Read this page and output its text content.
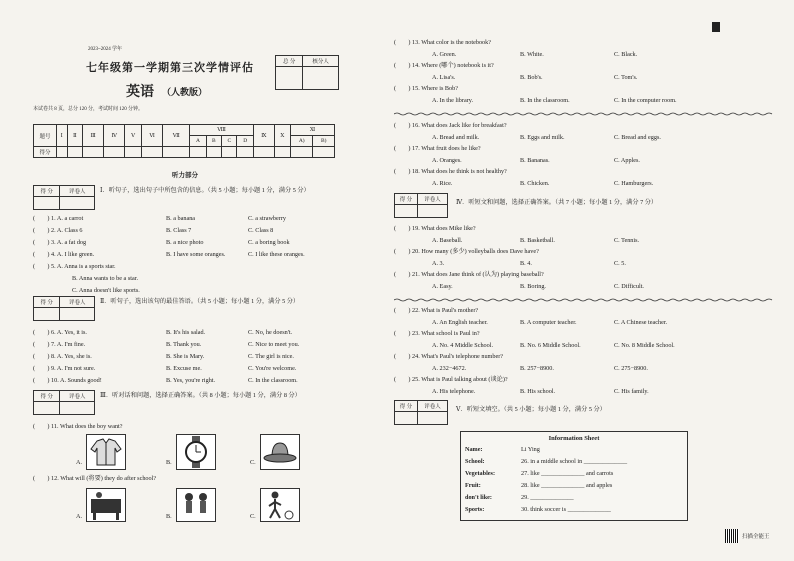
2023~2024 学年
七年级第一学期第三次学情评估
英语 （人教版）
本试卷共 8 页，总分 120 分，考试时间 120 分钟。
总 分	核分人

题号	Ⅰ	Ⅱ	Ⅲ	Ⅳ	Ⅴ	Ⅵ	Ⅶ	Ⅷ				Ⅸ	Ⅹ	Ⅺ	
								A	B	C	D			A)	B)
得分															
听力部分
得 分	评卷人
	Ⅰ．听句子，选出句子中所包含的信息。（共 5 小题；每小题 1 分，满分 5 分）
(　　) 1. A. a carrot	B. a banana	C. a strawberry
(　　) 2. A. Class 6	B. Class 7	C. Class 8
(　　) 3. A. a fat dog	B. a nice photo	C. a boring book
(　　) 4. A. I like green.	B. I have some oranges.	C. I like these oranges.
(　　) 5. A. Anna is a sports star.
B. Anna wants to be a star.
C. Anna doesn't like sports.
得 分	评卷人
	Ⅱ．听句子，选出该句的最佳答语。（共 5 小题；每小题 1 分，满分 5 分）
(　　) 6. A. Yes, it is.	B. It's his salad.	C. No, he doesn't.
(　　) 7. A. I'm fine.	B. Thank you.	C. Nice to meet you.
(　　) 8. A. Yes, she is.	B. She is Mary.	C. The girl is nice.
(　　) 9. A. I'm not sure.	B. Excuse me.	C. You're welcome.
(　　) 10. A. Sounds good!	B. Yes, you're right.	C. In the classroom.
得 分	评卷人
	Ⅲ．听对话和问题，选择正确答案。（共 8 小题；每小题 1 分，满分 8 分）
(　　) 11. What does the boy want?
A.	B.	C.
(　　) 12. What will (将要) they do after school?
A.	B.	C.
(　　) 13. What color is the notebook?
A. Green.	B. White.	C. Black.
(　　) 14. Where (哪个) notebook is it?
A. Lisa's.	B. Bob's.	C. Tom's.
(　　) 15. Where is Bob?
A. In the library.	B. In the classroom.	C. In the computer room.
(　　) 16. What does Jack like for breakfast?
A. Bread and milk.	B. Eggs and milk.	C. Bread and eggs.
(　　) 17. What fruit does he like?
A. Oranges.	B. Bananas.	C. Apples.
(　　) 18. What does he think is not healthy?
A. Rice.	B. Chicken.	C. Hamburgers.
得 分	评卷人
	Ⅳ．听短文和问题，选择正确答案。（共 7 小题；每小题 1 分，满分 7 分）
(　　) 19. What does Mike like?
A. Baseball.	B. Basketball.	C. Tennis.
(　　) 20. How many (多少) volleyballs does Dave have?
A. 3.	B. 4.	C. 5.
(　　) 21. What does Jane think of (认为) playing baseball?
A. Easy.	B. Boring.	C. Difficult.
(　　) 22. What is Paul's mother?
A. An English teacher.	B. A computer teacher.	C. A Chinese teacher.
(　　) 23. What school is Paul in?
A. No. 4 Middle School.	B. No. 6 Middle School.	C. No. 8 Middle School.
(　　) 24. What's Paul's telephone number?
A. 232−4672.	B. 257−8900.	C. 275−8900.
(　　) 25. What is Paul talking about (谈论)?
A. His telephone.	B. His school.	C. His family.
得 分	评卷人
	Ⅴ．听短文填空。（共 5 小题；每小题 1 分，满分 5 分）
Information Sheet
Name:	Li Ying
School:	26. in a middle school in ______________
Vegetables:	27. like ______________ and carrots
Fruit:	28. like ______________ and apples
don't like:	29. ______________
Sports:	30. think soccer is ______________
扫描全能王
